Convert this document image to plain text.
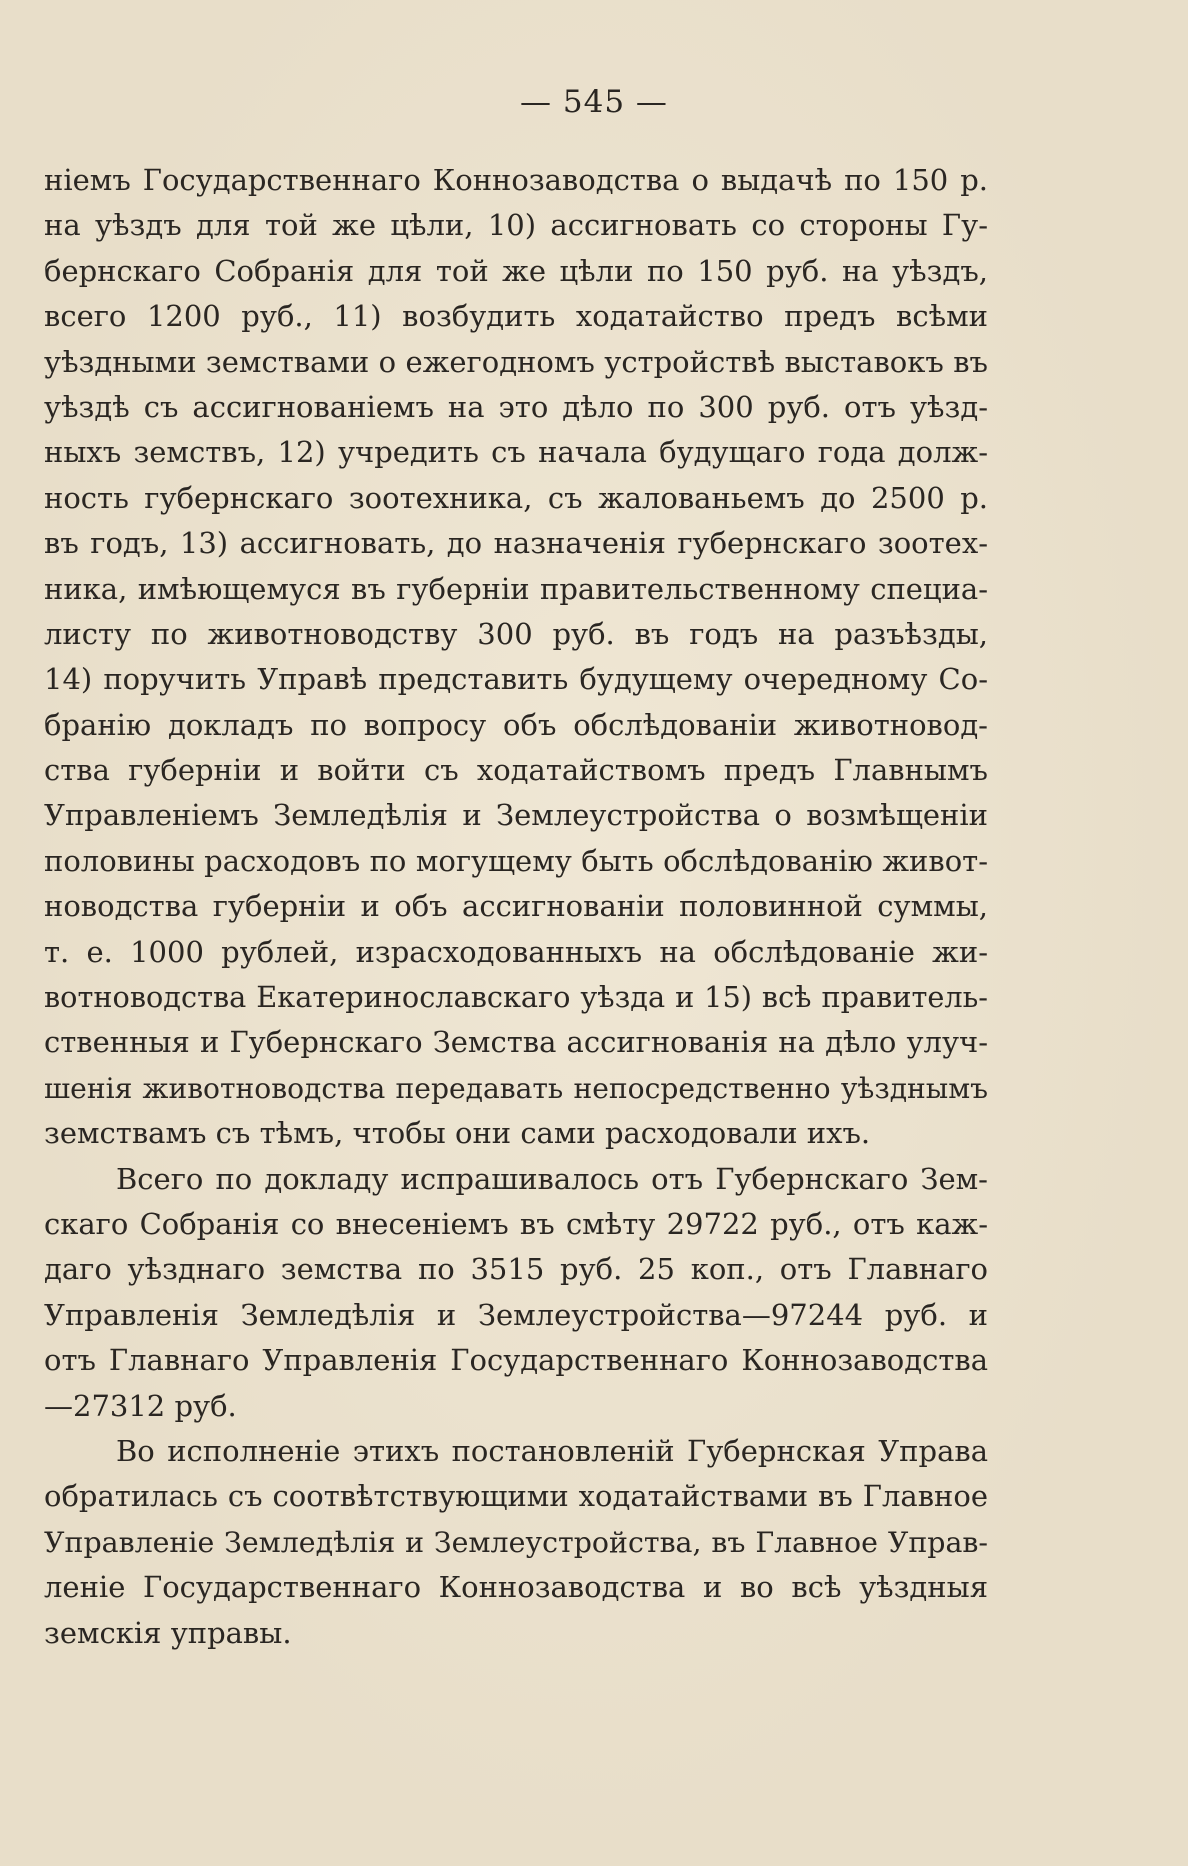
— 545 —
ніемъ Государственнаго Коннозаводства о выдачѣ по 150 р.
на уѣздъ для той же цѣли, 10) ассигновать со стороны Гу-
бернскаго Собранія для той же цѣли по 150 руб. на уѣздъ,
всего 1200 руб., 11) возбудить ходатайство предъ всѣми
уѣздными земствами о ежегодномъ устройствѣ выставокъ въ
уѣздѣ съ ассигнованіемъ на это дѣло по 300 руб. отъ уѣзд-
ныхъ земствъ, 12) учредить съ начала будущаго года долж-
ность губернскаго зоотехника, съ жалованьемъ до 2500 р.
въ годъ, 13) ассигновать, до назначенія губернскаго зоотех-
ника, имѣющемуся въ губерніи правительственному специа-
листу по животноводству 300 руб. въ годъ на разъѣзды,
14) поручить Управѣ представить будущему очередному Со-
бранію докладъ по вопросу объ обслѣдованіи животновод-
ства губерніи и войти съ ходатайствомъ предъ Главнымъ
Управленіемъ Земледѣлія и Землеустройства о возмѣщеніи
половины расходовъ по могущему быть обслѣдованію живот-
новодства губерніи и объ ассигнованіи половинной суммы,
т. е. 1000 рублей, израсходованныхъ на обслѣдованіе жи-
вотноводства Екатеринославскаго уѣзда и 15) всѣ правитель-
ственныя и Губернскаго Земства ассигнованія на дѣло улуч-
шенія животноводства передавать непосредственно уѣзднымъ
земствамъ съ тѣмъ, чтобы они сами расходовали ихъ.
Всего по докладу испрашивалось отъ Губернскаго Зем-
скаго Собранія со внесеніемъ въ смѣту 29722 руб., отъ каж-
даго уѣзднаго земства по 3515 руб. 25 коп., отъ Главнаго
Управленія Земледѣлія и Землеустройства—97244 руб. и
отъ Главнаго Управленія Государственнаго Коннозаводства
—27312 руб.
Во исполненіе этихъ постановленій Губернская Управа
обратилась съ соотвѣтствующими ходатайствами въ Главное
Управленіе Земледѣлія и Землеустройства, въ Главное Управ-
леніе Государственнаго Коннозаводства и во всѣ уѣздныя
земскія управы.
